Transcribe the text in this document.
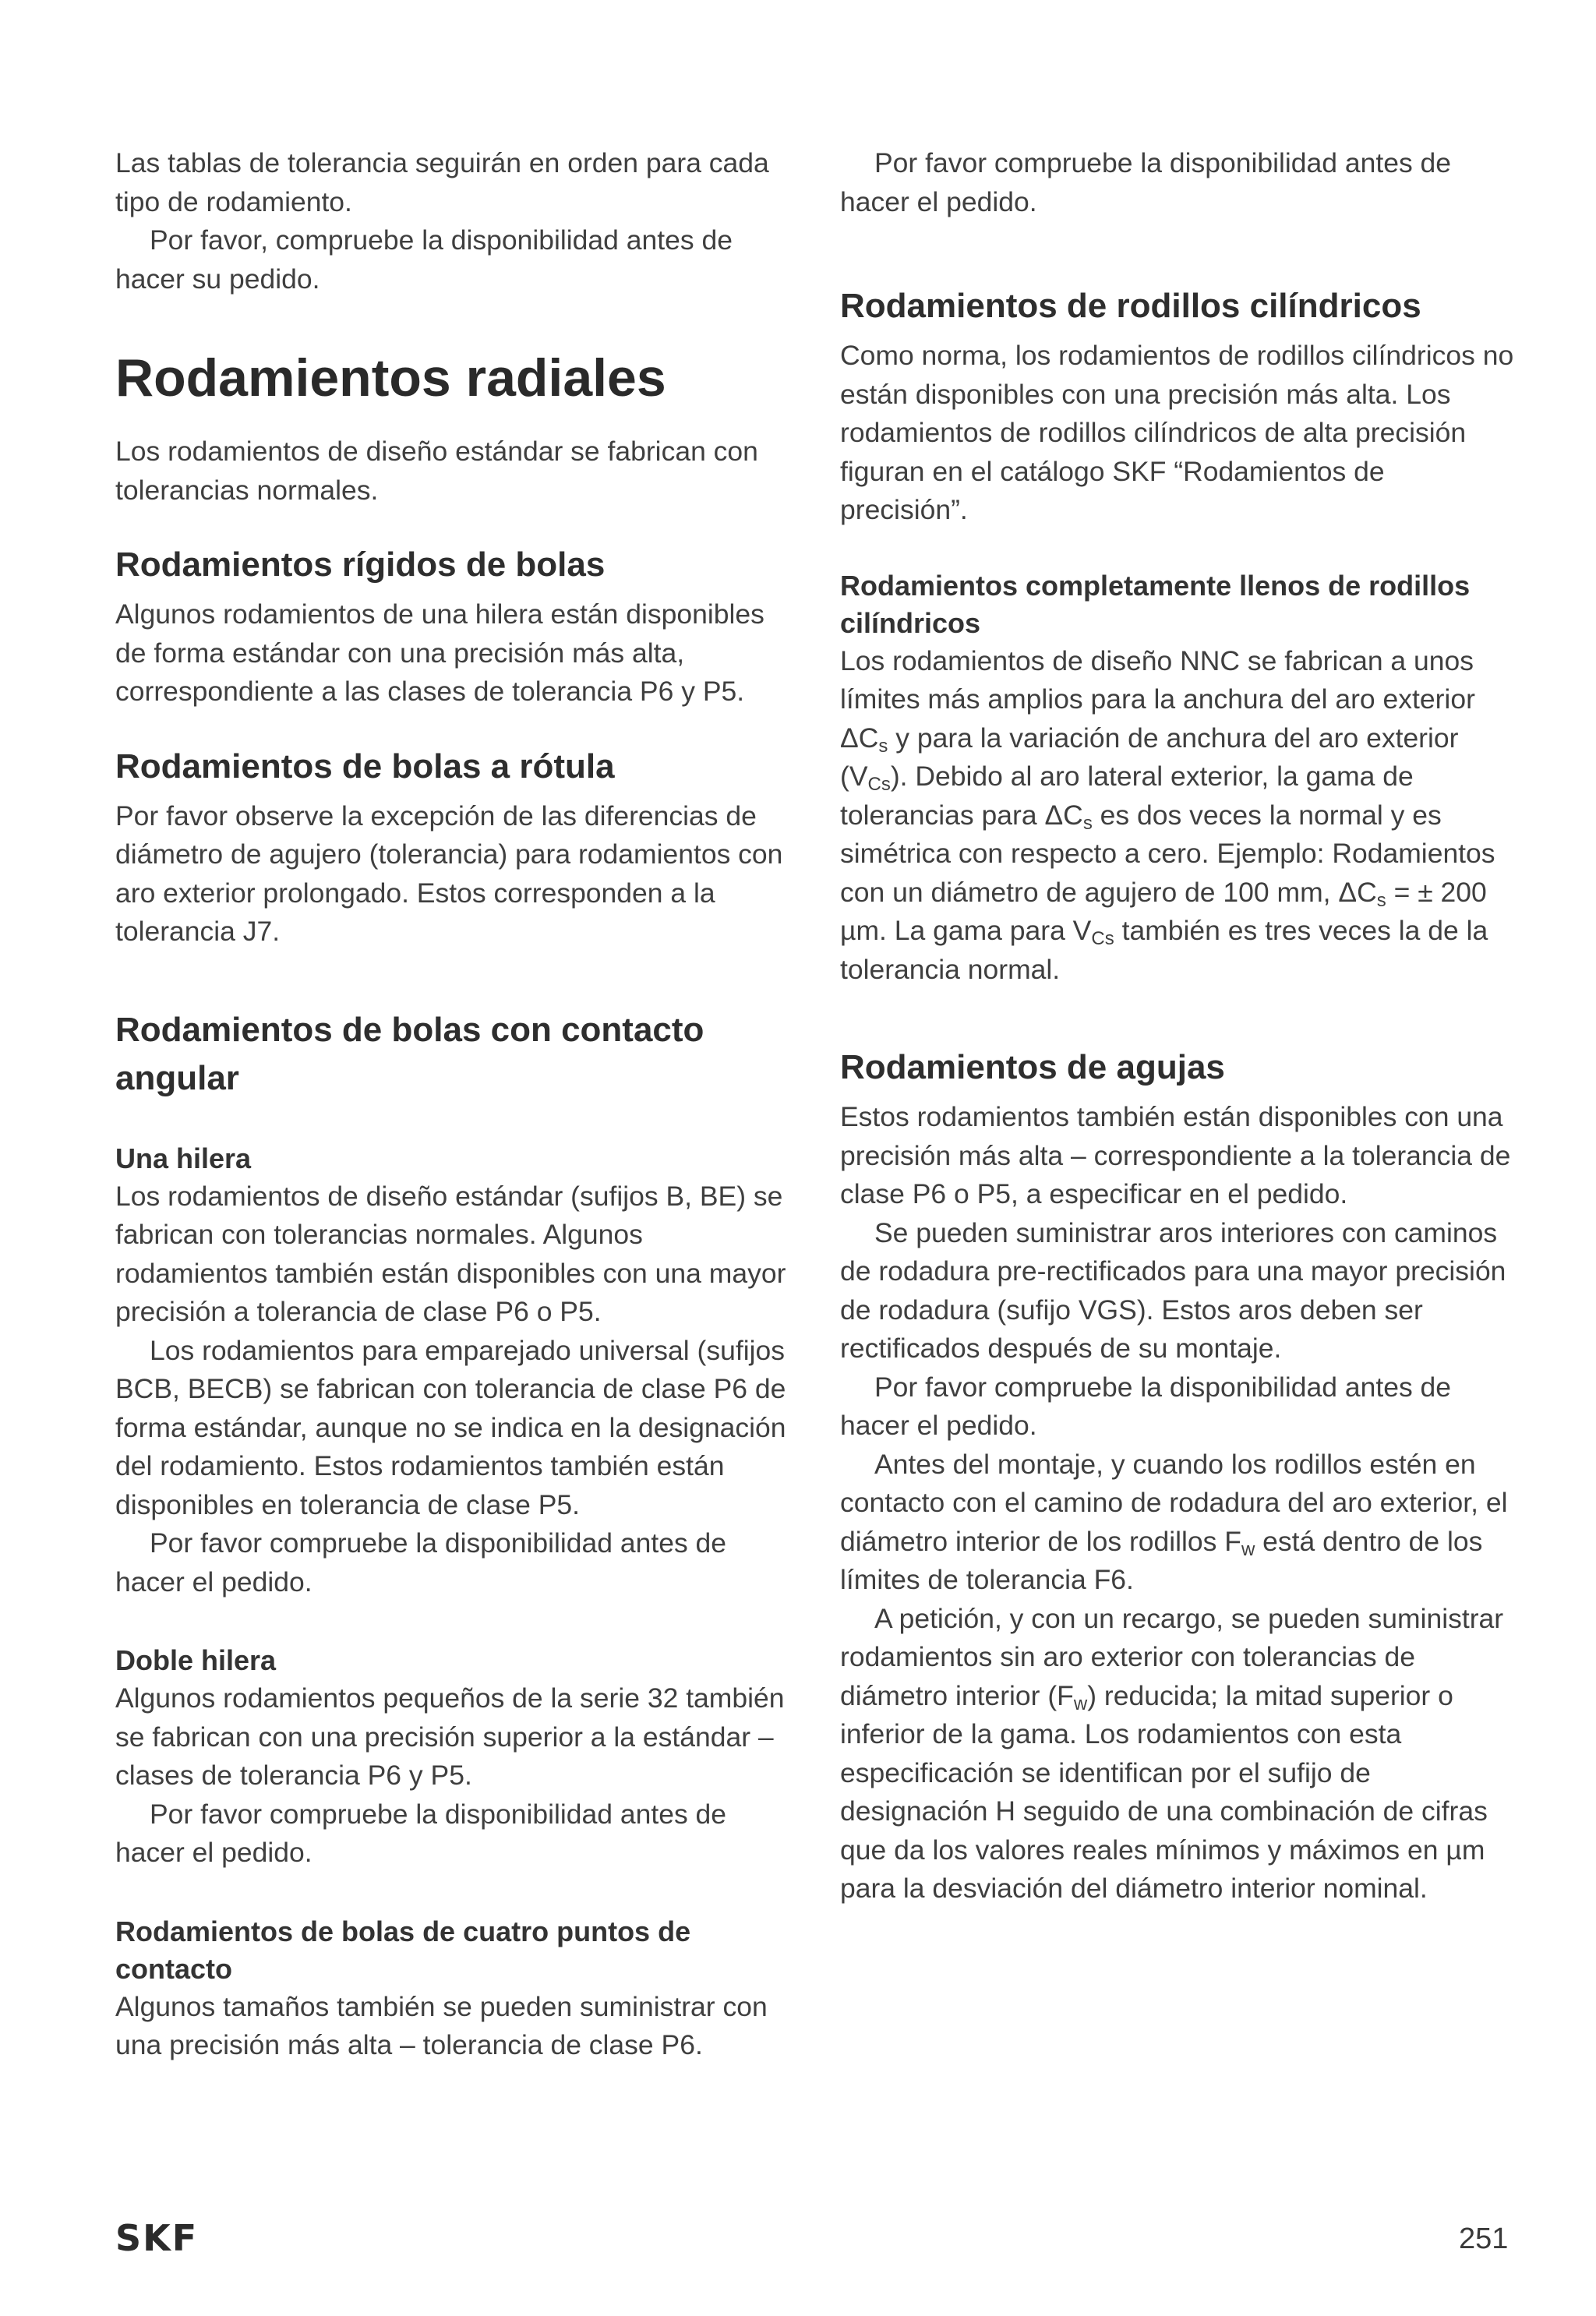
Las tablas de tolerancia seguirán en orden para cada tipo de rodamiento.

Por favor, compruebe la disponibilidad antes de hacer su pedido.

Rodamientos radiales

Los rodamientos de diseño estándar se fabrican con tolerancias normales.

Rodamientos rígidos de bolas

Algunos rodamientos de una hilera están disponibles de forma estándar con una precisión más alta, correspondiente a las clases de tolerancia P6 y P5.

Rodamientos de bolas a rótula

Por favor observe la excepción de las diferencias de diámetro de agujero (tolerancia) para rodamientos con aro exterior prolongado. Estos corresponden a la tolerancia J7.

Rodamientos de bolas con contacto angular
Una hilera

Los rodamientos de diseño estándar (sufijos B, BE) se fabrican con tolerancias normales. Algunos rodamientos también están disponibles con una mayor precisión a tolerancia de clase P6 o P5.

Los rodamientos para emparejado universal (sufijos BCB, BECB) se fabrican con tolerancia de clase P6 de forma estándar, aunque no se indica en la designación del rodamiento. Estos rodamientos también están disponibles en tolerancia de clase P5.

Por favor compruebe la disponibilidad antes de hacer el pedido.

Doble hilera

Algunos rodamientos pequeños de la serie 32 también se fabrican con una precisión superior a la estándar – clases de tolerancia P6 y P5.

Por favor compruebe la disponibilidad antes de hacer el pedido.

Rodamientos de bolas de cuatro puntos de contacto

Algunos tamaños también se pueden suministrar con una precisión más alta – tolerancia de clase P6.

Por favor compruebe la disponibilidad antes de hacer el pedido.

Rodamientos de rodillos cilíndricos

Como norma, los rodamientos de rodillos cilíndricos no están disponibles con una precisión más alta. Los rodamientos de rodillos cilíndricos de alta precisión figuran en el catálogo SKF “Rodamientos de precisión”.

Rodamientos completamente llenos de rodillos cilíndricos

Los rodamientos de diseño NNC se fabrican a unos límites más amplios para la anchura del aro exterior $\Delta C_s$ y para la variación de anchura del aro exterior $(V_{Cs})$. Debido al aro lateral exterior, la gama de tolerancias para $\Delta C_s$ es dos veces la normal y es simétrica con respecto a cero. Ejemplo: Rodamientos con un diámetro de agujero de 100 mm, $\Delta C_s$ = ± 200 µm. La gama para $V_{Cs}$ también es tres veces la de la tolerancia normal.

Rodamientos de agujas

Estos rodamientos también están disponibles con una precisión más alta – correspondiente a la tolerancia de clase P6 o P5, a especificar en el pedido.

Se pueden suministrar aros interiores con caminos de rodadura pre-rectificados para una mayor precisión de rodadura (sufijo VGS). Estos aros deben ser rectificados después de su montaje.

Por favor compruebe la disponibilidad antes de hacer el pedido.

Antes del montaje, y cuando los rodillos estén en contacto con el camino de rodadura del aro exterior, el diámetro interior de los rodillos $F_w$ está dentro de los límites de tolerancia F6.

A petición, y con un recargo, se pueden suministrar rodamientos sin aro exterior con tolerancias de diámetro interior $(F_w)$ reducida; la mitad superior o inferior de la gama. Los rodamientos con esta especificación se identifican por el sufijo de designación H seguido de una combinación de cifras que da los valores reales mínimos y máximos en µm para la desviación del diámetro interior nominal.

SKF	251
